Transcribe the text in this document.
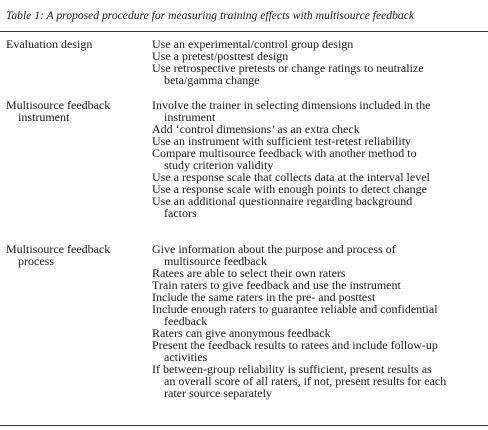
Table 1: A proposed procedure for measuring training effects with multisource feedback
Evaluation design	Use an experimental/control group design
Use a pretest/posttest design
Use retrospective pretests or change ratings to neutralize
beta/gamma change
Multisource feedback
instrument
Involve the trainer in selecting dimensions included in the
instrument
Add ‘control dimensions’ as an extra check
Use an instrument with sufficient test-retest reliability
Compare multisource feedback with another method to
study criterion validity
Use a response scale that collects data at the interval level
Use a response scale with enough points to detect change
Use an additional questionnaire regarding background
factors
Multisource feedback
process
Give information about the purpose and process of
multisource feedback
Ratees are able to select their own raters
Train raters to give feedback and use the instrument
Include the same raters in the pre- and posttest
Include enough raters to guarantee reliable and confidential
feedback
Raters can give anonymous feedback
Present the feedback results to ratees and include follow-up
activities
If between-group reliability is sufficient, present results as
an overall score of all raters, if not, present results for each
rater source separately
